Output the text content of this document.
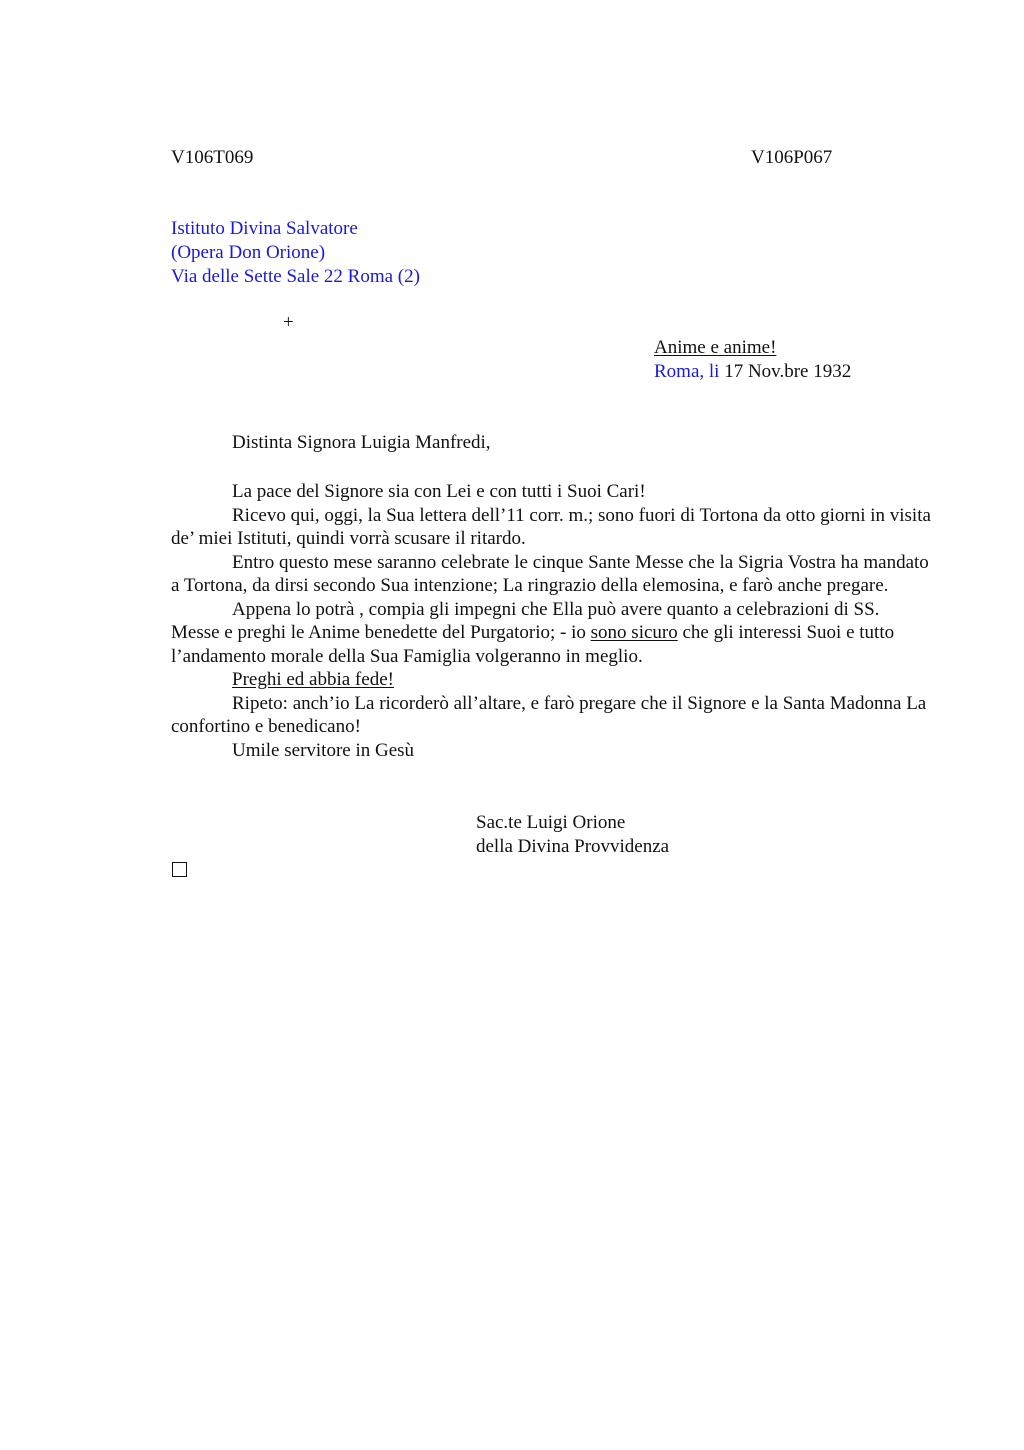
V106T069	V106P067
Istituto Divina Salvatore
(Opera Don Orione)
Via delle Sette Sale 22 Roma (2)
+
Anime e anime!
Roma, li 17 Nov.bre 1932
Distinta Signora Luigia Manfredi,

La pace del Signore sia con Lei e con tutti i Suoi Cari!

Ricevo qui, oggi, la Sua lettera dell’11 corr. m.; sono fuori di Tortona da otto giorni in visita de’ miei Istituti, quindi vorrà scusare il ritardo.

Entro questo mese saranno celebrate le cinque Sante Messe che la Sigria Vostra ha mandato a Tortona, da dirsi secondo Sua intenzione; La ringrazio della elemosina, e farò anche pregare.

Appena lo potrà , compia gli impegni che Ella può avere quanto a celebrazioni di SS. Messe e preghi le Anime benedette del Purgatorio; - io sono sicuro che gli interessi Suoi e tutto l’andamento morale della Sua Famiglia volgeranno in meglio.

Preghi ed abbia fede!

Ripeto: anch’io La ricorderò all’altare, e farò pregare che il Signore e la Santa Madonna La confortino e benedicano!

Umile servitore in Gesù

Sac.te Luigi Orione
della Divina Provvidenza
